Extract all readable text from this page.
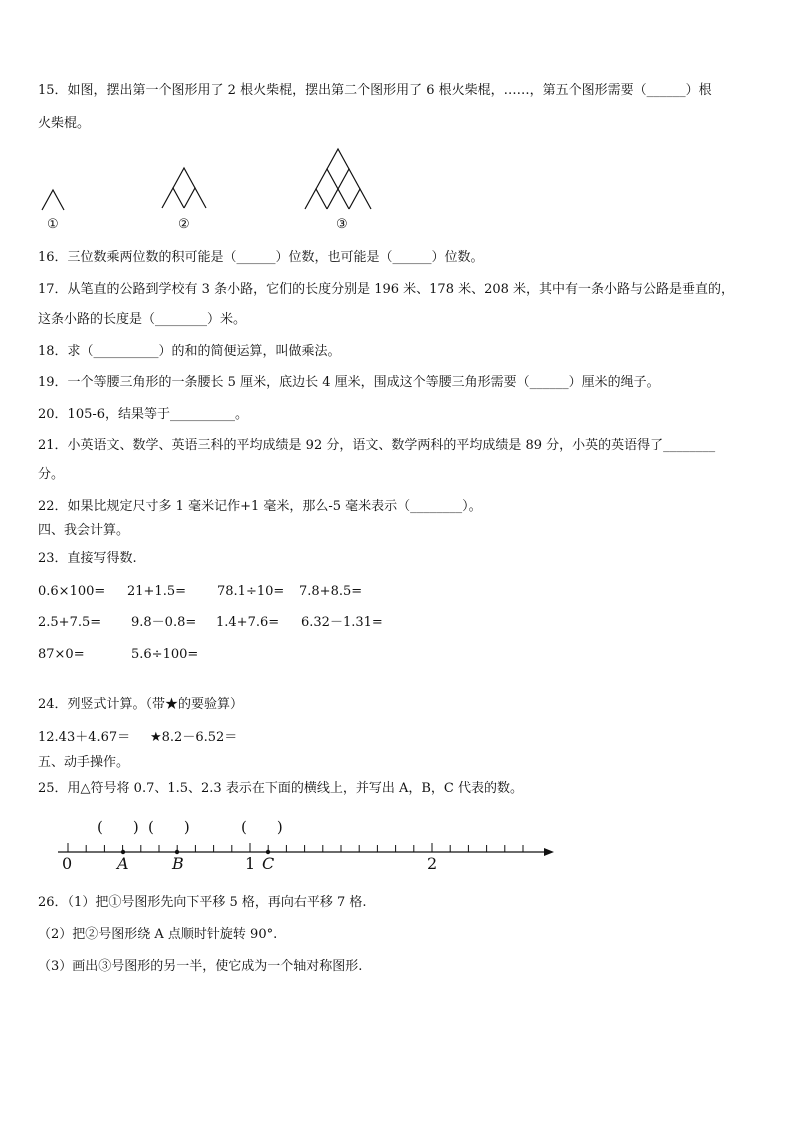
15．如图，摆出第一个图形用了 2 根火柴棍，摆出第二个图形用了 6 根火柴棍，……，第五个图形需要（______）根
火柴棍。
①	②	③
16．三位数乘两位数的积可能是（______）位数，也可能是（______）位数。
17．从笔直的公路到学校有 3 条小路，它们的长度分别是 196 米、178 米、208 米，其中有一条小路与公路是垂直的，
这条小路的长度是（________）米。
18．求（__________）的和的简便运算，叫做乘法。
19．一个等腰三角形的一条腰长 5 厘米，底边长 4 厘米，围成这个等腰三角形需要（______）厘米的绳子。
20．105-6，结果等于__________。
21．小英语文、数学、英语三科的平均成绩是 92 分，语文、数学两科的平均成绩是 89 分，小英的英语得了________
分。
22．如果比规定尺寸多 1 毫米记作+1 毫米，那么-5 毫米表示（________）。
四、我会计算。
23．直接写得数.
0.6×100= 21+1.5= 78.1÷10= 7.8+8.5=
2.5+7.5= 9.8－0.8= 1.4+7.6= 6.32－1.31=
87×0=	5.6÷100=
24．列竖式计算。（带★的要验算）
12.43＋4.67＝ ★8.2－6.52＝
五、动手操作。
25．用△符号将 0.7、1.5、2.3 表示在下面的横线上，并写出 A，B，C 代表的数。
(　　) (　　)	(　　)
0	A	B	1 C	2
26．（1）把①号图形先向下平移 5 格，再向右平移 7 格.
（2）把②号图形绕 A 点顺时针旋转 90°.
（3）画出③号图形的另一半，使它成为一个轴对称图形.
